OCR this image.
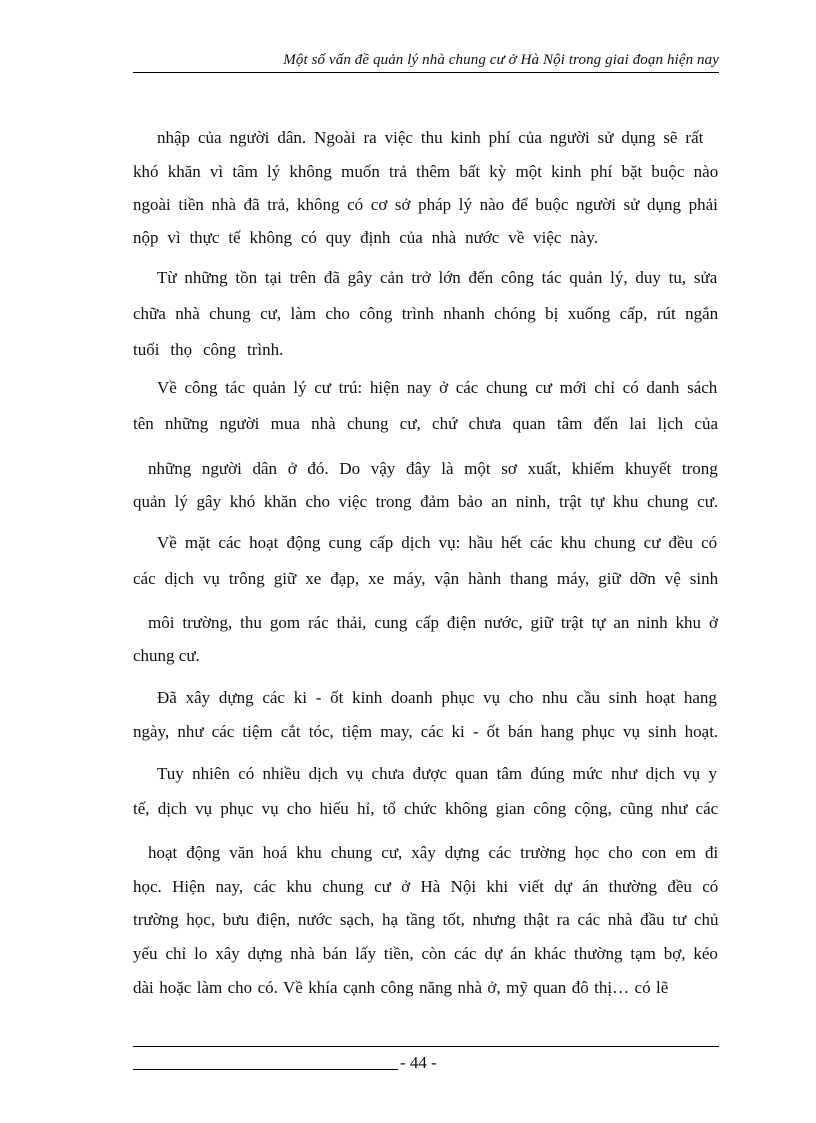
Một số vấn đề quản lý nhà chung cư ở Hà Nội trong giai đoạn hiện nay
nhập của người dân. Ngoài ra việc thu kinh phí của người sử dụng sẽ rất
khó khăn vì tâm lý không muốn trả thêm bất kỳ một kinh phí bặt buộc nào
ngoài tiền nhà đã trả, không có cơ sở pháp lý nào để buộc người sử dụng phải
nộp vì thực tế không có quy định của nhà nước về việc này.
Từ những tồn tại trên đã gây cản trở lớn đến công tác quản lý, duy tu, sửa
chữa nhà chung cư, làm cho công trình nhanh chóng bị xuống cấp, rút ngắn
tuổi thọ công trình.
Về công tác quản lý cư trú: hiện nay ở các chung cư mới chỉ có danh sách
tên những người mua nhà chung cư, chứ chưa quan tâm đến lai lịch của
những người dân ở đó. Do vậy đây là một sơ xuất, khiếm khuyết trong
quản lý gây khó khăn cho việc trong đảm bảo an ninh, trật tự khu chung cư.
Về mặt các hoạt động cung cấp dịch vụ: hầu hết các khu chung cư đều có
các dịch vụ trông giữ xe đạp, xe máy, vận hành thang máy, giữ dỡn vệ sinh
môi trường, thu gom rác thải, cung cấp điện nước, giữ trật tự an ninh khu ở
chung cư.
Đã xây dựng các ki - ốt kinh doanh phục vụ cho nhu cầu sinh hoạt hang
ngày, như các tiệm cắt tóc, tiệm may, các ki - ốt bán hang phục vụ sinh hoạt.
Tuy nhiên có nhiều dịch vụ chưa được quan tâm đúng mức như dịch vụ y
tế, dịch vụ phục vụ cho hiếu hỉ, tổ chức không gian công cộng, cũng như các
hoạt động văn hoá khu chung cư, xây dựng các trường học cho con em đi
học. Hiện nay, các khu chung cư ở Hà Nội khi viết dự án thường đều có
trường học, bưu điện, nước sạch, hạ tầng tốt, nhưng thật ra các nhà đầu tư chủ
yếu chỉ lo xây dựng nhà bán lấy tiền, còn các dự án khác thường tạm bợ, kéo
dài hoặc làm cho có. Về khía cạnh công năng nhà ở, mỹ quan đô thị… có lẽ
- 44 -
